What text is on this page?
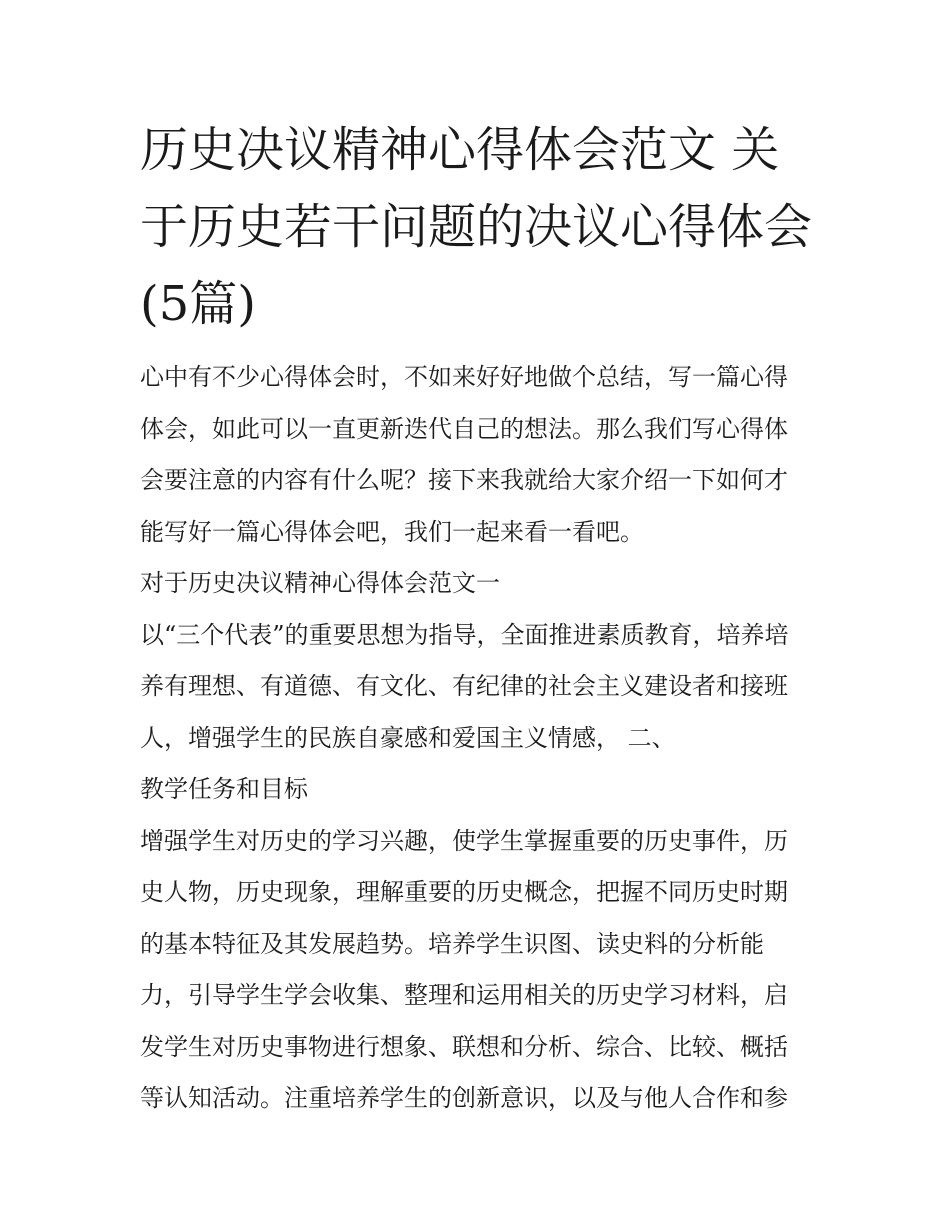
历史决议精神心得体会范文 关于历史若干问题的决议心得体会(5篇)

心中有不少心得体会时，不如来好好地做个总结，写一篇心得

体会，如此可以一直更新迭代自己的想法。那么我们写心得体

会要注意的内容有什么呢？接下来我就给大家介绍一下如何才

能写好一篇心得体会吧，我们一起来看一看吧。

对于历史决议精神心得体会范文一

以“三个代表”的重要思想为指导，全面推进素质教育，培养培

养有理想、有道德、有文化、有纪律的社会主义建设者和接班

人，增强学生的民族自豪感和爱国主义情感， 二、

教学任务和目标

增强学生对历史的学习兴趣，使学生掌握重要的历史事件，历

史人物，历史现象，理解重要的历史概念，把握不同历史时期

的基本特征及其发展趋势。培养学生识图、读史料的分析能

力，引导学生学会收集、整理和运用相关的历史学习材料，启

发学生对历史事物进行想象、联想和分析、综合、比较、概括

等认知活动。注重培养学生的创新意识，以及与他人合作和参
